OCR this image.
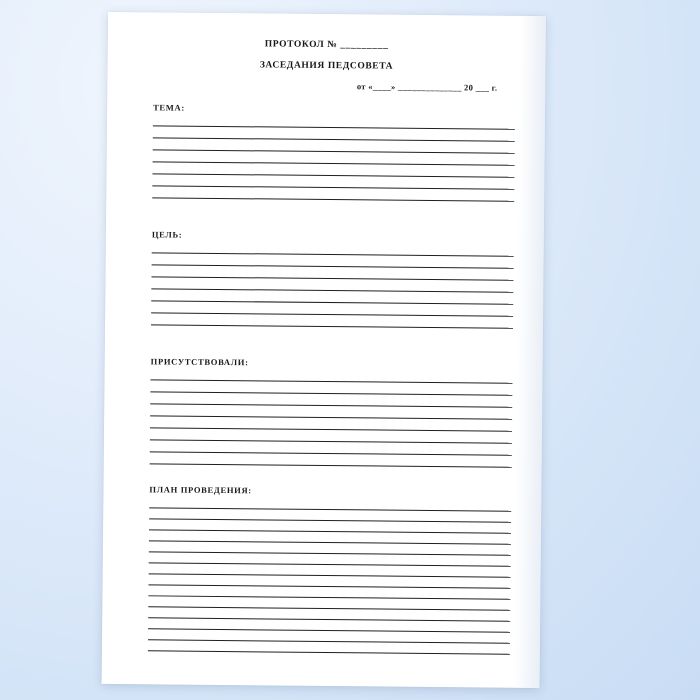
ПРОТОКОЛ № _________
ЗАСЕДАНИЯ ПЕДСОВЕТА
от «____» ______________ 20 ___ г.
ТЕМА:
ЦЕЛЬ:
ПРИСУТСТВОВАЛИ:
ПЛАН ПРОВЕДЕНИЯ:
